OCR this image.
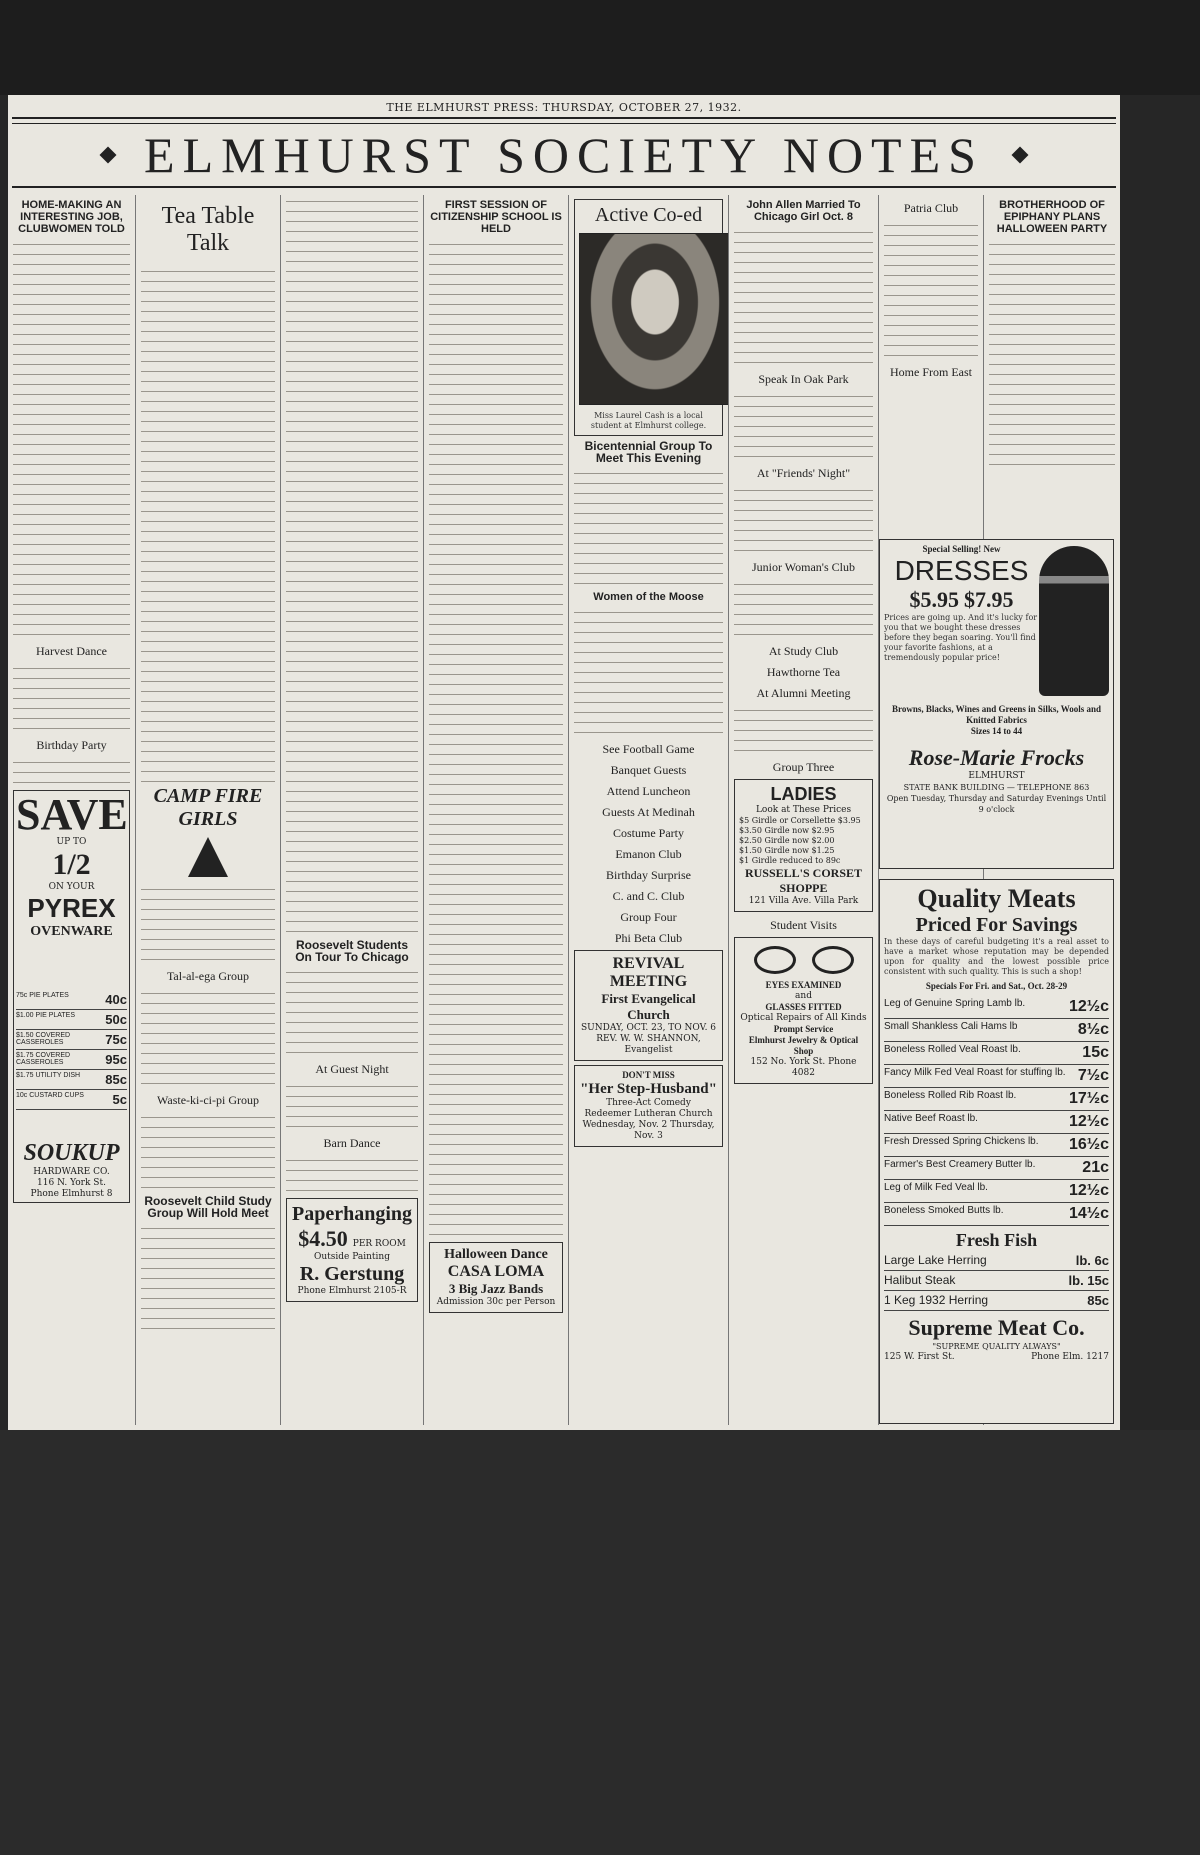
THE ELMHURST PRESS: THURSDAY, OCTOBER 27, 1932.
ELMHURST SOCIETY NOTES
HOME-MAKING AN INTERESTING JOB, CLUBWOMEN TOLD
Harvest Dance
Birthday Party
SAVE
UP TO
1/2
ON YOUR
PYREX
OVENWARE
75c PIE PLATES	40c
$1.00 PIE PLATES 50c
$1.50 COVERED CASSEROLES	75c
$1.75 COVERED CASSEROLES	95c
$1.75 UTILITY DISH 85c
10c CUSTARD CUPS 5c
SOUKUP
HARDWARE CO.
116 N. York St.
Phone Elmhurst 8
Tea Table Talk
CAMP FIRE GIRLS
Tal-al-ega Group
Waste-ki-ci-pi Group
Roosevelt Child Study Group Will Hold Meet
Roosevelt Students On Tour To Chicago
At Guest Night
Barn Dance
Paperhanging
$4.50 PER ROOM
Outside Painting
R. Gerstung
Phone Elmhurst 2105-R
FIRST SESSION OF CITIZENSHIP SCHOOL IS HELD
Halloween Dance
CASA LOMA
3 Big Jazz Bands
Admission 30c per Person
Active Co-ed
Miss Laurel Cash is a local student at Elmhurst college.
Bicentennial Group To Meet This Evening
Women of the Moose
See Football Game
Banquet Guests
Attend Luncheon
Guests At Medinah
Costume Party
Emanon Club
Birthday Surprise
C. and C. Club
Group Four
Phi Beta Club
REVIVAL MEETING
First Evangelical Church
SUNDAY, OCT. 23, TO NOV. 6
REV. W. W. SHANNON, Evangelist
DON'T MISS
"Her Step-Husband"
Three-Act Comedy
Redeemer Lutheran Church
Wednesday, Nov. 2 Thursday, Nov. 3
John Allen Married To Chicago Girl Oct. 8
Speak In Oak Park
At "Friends' Night"
Junior Woman's Club
At Study Club
Hawthorne Tea
At Alumni Meeting
Group Three
LADIES
Look at These Prices
$5 Girdle or Corsellette $3.95
$3.50 Girdle now $2.95
$2.50 Girdle now $2.00
$1.50 Girdle now $1.25
$1 Girdle reduced to 89c
RUSSELL'S CORSET SHOPPE
121 Villa Ave. Villa Park
Student Visits
EYES EXAMINED
and
GLASSES FITTED
Optical Repairs of All Kinds
Prompt Service
Elmhurst Jewelry & Optical Shop
152 No. York St. Phone 4082
Patria Club
Home From East
BROTHERHOOD OF EPIPHANY PLANS HALLOWEEN PARTY
Special Selling! New
DRESSES
$5.95 $7.95
Prices are going up. And it's lucky for you that we bought these dresses before they began soaring. You'll find your favorite fashions, at a tremendously popular price!
Browns, Blacks, Wines and Greens in Silks, Wools and Knitted Fabrics
Sizes 14 to 44
Rose-Marie Frocks
ELMHURST
STATE BANK BUILDING — TELEPHONE 863
Open Tuesday, Thursday and Saturday Evenings Until 9 o'clock
Quality Meats
Priced For Savings
In these days of careful budgeting it's a real asset to have a market whose reputation may be depended upon for quality and the lowest possible price consistent with such quality. This is such a shop!
Specials For Fri. and Sat., Oct. 28-29
Leg of Genuine Spring Lamb lb.	12½c
Small Shankless Cali Hams lb	8½c
Boneless Rolled Veal Roast lb.	15c
Fancy Milk Fed Veal Roast for stuffing lb. 7½c
Boneless Rolled Rib Roast lb.	17½c
Native Beef Roast lb.	12½c
Fresh Dressed Spring Chickens lb. 16½c
Farmer's Best Creamery Butter lb.	21c
Leg of Milk Fed Veal lb.	12½c
Boneless Smoked Butts lb.	14½c
Fresh Fish
Large Lake Herring	lb. 6c
Halibut Steak	lb. 15c
1 Keg 1932 Herring	85c
Supreme Meat Co.
"SUPREME QUALITY ALWAYS"
125 W. First St.	Phone Elm. 1217
